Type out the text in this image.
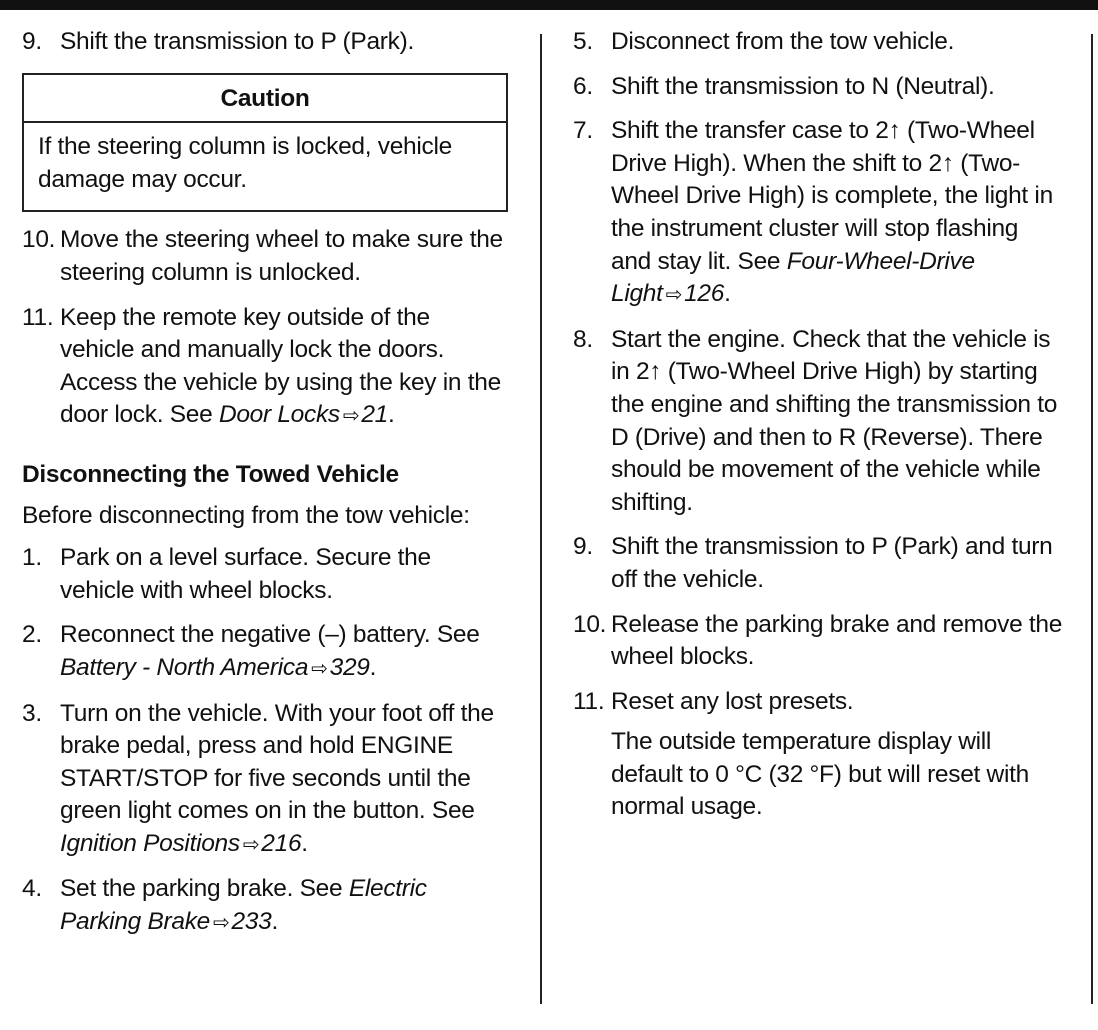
9. Shift the transmission to P (Park).
Caution
If the steering column is locked, vehicle damage may occur.
10. Move the steering wheel to make sure the steering column is unlocked.
11. Keep the remote key outside of the vehicle and manually lock the doors. Access the vehicle by using the key in the door lock. See Door Locks ⇨21.
Disconnecting the Towed Vehicle
Before disconnecting from the tow vehicle:
1. Park on a level surface. Secure the vehicle with wheel blocks.
2. Reconnect the negative (–) battery. See Battery - North America ⇨329.
3. Turn on the vehicle. With your foot off the brake pedal, press and hold ENGINE START/STOP for five seconds until the green light comes on in the button. See Ignition Positions ⇨216.
4. Set the parking brake. See Electric Parking Brake ⇨233.
5. Disconnect from the tow vehicle.
6. Shift the transmission to N (Neutral).
7. Shift the transfer case to 2↑ (Two-Wheel Drive High). When the shift to 2↑ (Two-Wheel Drive High) is complete, the light in the instrument cluster will stop flashing and stay lit. See Four-Wheel-Drive Light ⇨126.
8. Start the engine. Check that the vehicle is in 2↑ (Two-Wheel Drive High) by starting the engine and shifting the transmission to D (Drive) and then to R (Reverse). There should be movement of the vehicle while shifting.
9. Shift the transmission to P (Park) and turn off the vehicle.
10. Release the parking brake and remove the wheel blocks.
11. Reset any lost presets.
The outside temperature display will default to 0 °C (32 °F) but will reset with normal usage.
